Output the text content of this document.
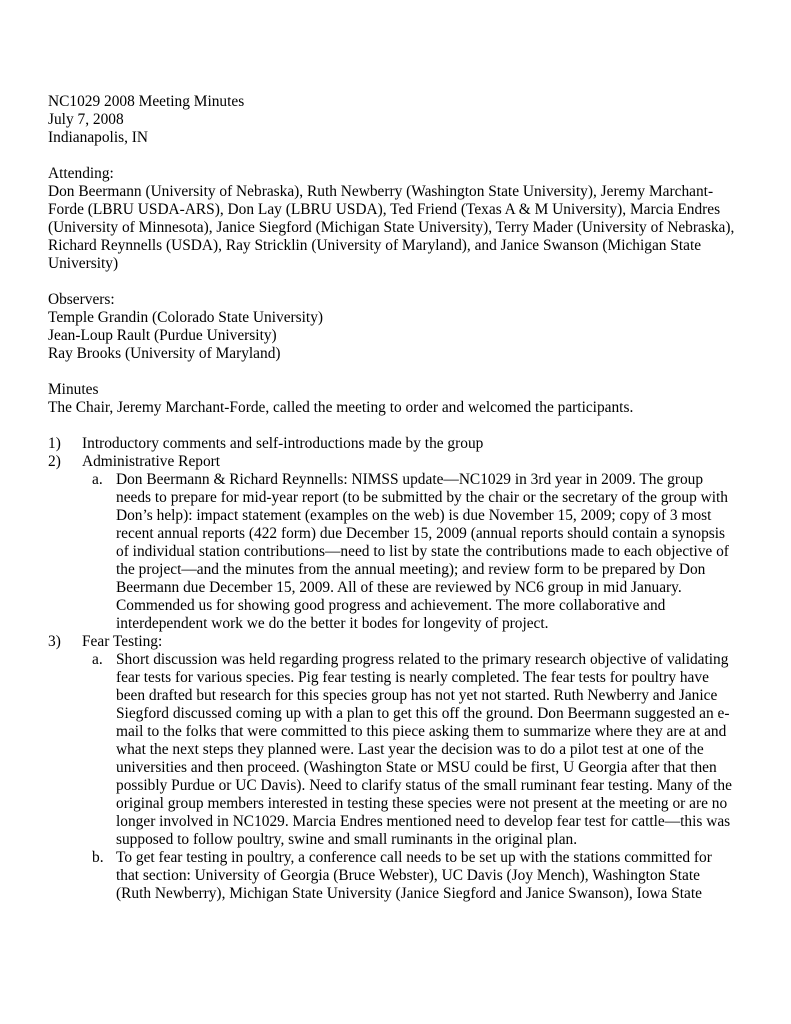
NC1029 2008 Meeting Minutes
July 7, 2008
Indianapolis, IN
Attending:
Don Beermann (University of Nebraska), Ruth Newberry (Washington State University), Jeremy Marchant-
Forde (LBRU USDA-ARS), Don Lay (LBRU USDA), Ted Friend (Texas A & M University), Marcia Endres
(University of Minnesota), Janice Siegford (Michigan State University), Terry Mader (University of Nebraska),
Richard Reynnells (USDA), Ray Stricklin (University of Maryland), and Janice Swanson (Michigan State
University)
Observers:
Temple Grandin (Colorado State University)
Jean-Loup Rault (Purdue University)
Ray Brooks (University of Maryland)
Minutes
The Chair, Jeremy Marchant-Forde, called the meeting to order and welcomed the participants.
1) Introductory comments and self-introductions made by the group
2) Administrative Report
a. Don Beermann & Richard Reynnells: NIMSS update—NC1029 in 3rd year in 2009. The group
needs to prepare for mid-year report (to be submitted by the chair or the secretary of the group with
Don’s help): impact statement (examples on the web) is due November 15, 2009; copy of 3 most
recent annual reports (422 form) due December 15, 2009 (annual reports should contain a synopsis
of individual station contributions—need to list by state the contributions made to each objective of
the project—and the minutes from the annual meeting); and review form to be prepared by Don
Beermann due December 15, 2009. All of these are reviewed by NC6 group in mid January.
Commended us for showing good progress and achievement. The more collaborative and
interdependent work we do the better it bodes for longevity of project.
3) Fear Testing:
a. Short discussion was held regarding progress related to the primary research objective of validating
fear tests for various species. Pig fear testing is nearly completed. The fear tests for poultry have
been drafted but research for this species group has not yet not started. Ruth Newberry and Janice
Siegford discussed coming up with a plan to get this off the ground. Don Beermann suggested an e-
mail to the folks that were committed to this piece asking them to summarize where they are at and
what the next steps they planned were. Last year the decision was to do a pilot test at one of the
universities and then proceed. (Washington State or MSU could be first, U Georgia after that then
possibly Purdue or UC Davis). Need to clarify status of the small ruminant fear testing. Many of the
original group members interested in testing these species were not present at the meeting or are no
longer involved in NC1029. Marcia Endres mentioned need to develop fear test for cattle—this was
supposed to follow poultry, swine and small ruminants in the original plan.
b. To get fear testing in poultry, a conference call needs to be set up with the stations committed for
that section: University of Georgia (Bruce Webster), UC Davis (Joy Mench), Washington State
(Ruth Newberry), Michigan State University (Janice Siegford and Janice Swanson), Iowa State
